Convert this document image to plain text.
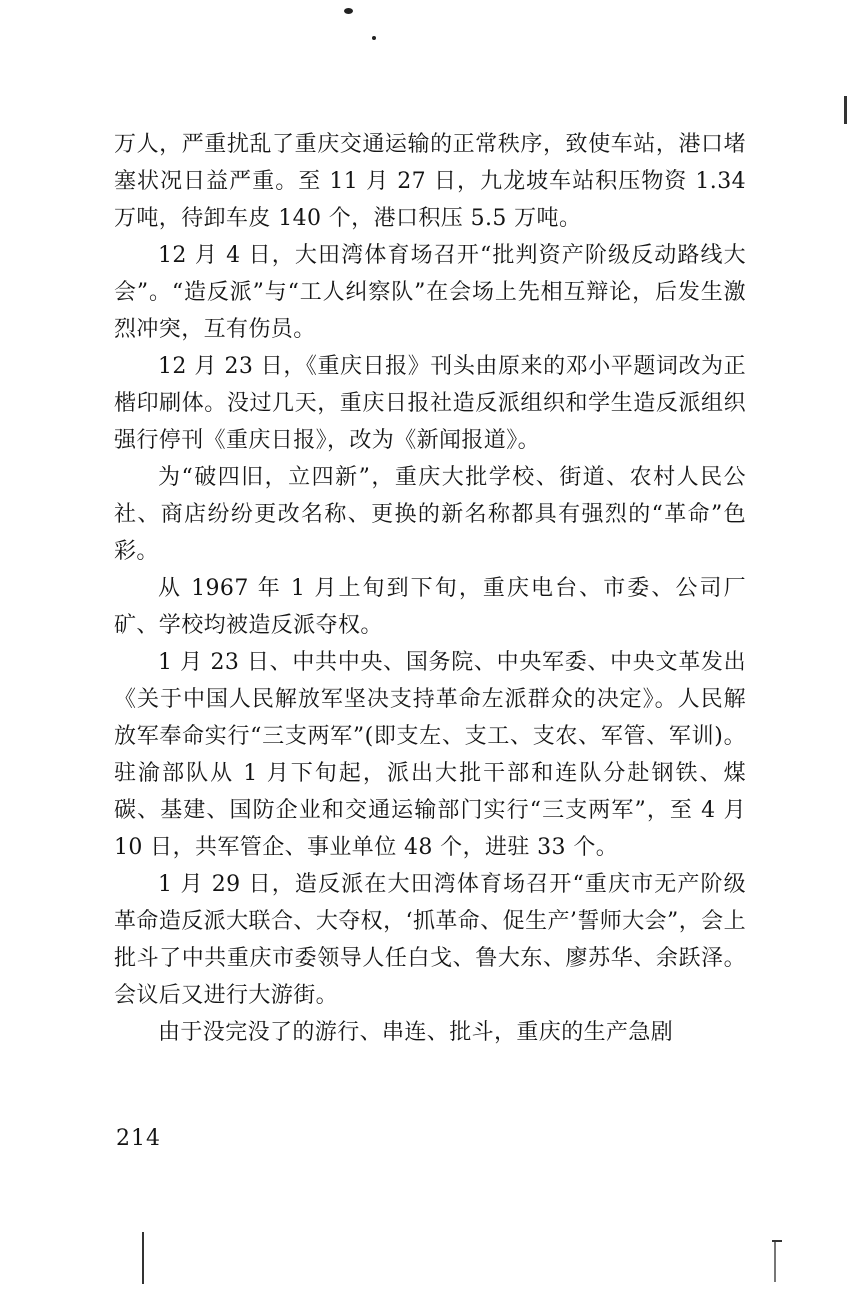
万人，严重扰乱了重庆交通运输的正常秩序，致使车站，港口堵塞状况日益严重。至 11 月 27 日，九龙坡车站积压物资 1.34 万吨，待卸车皮 140 个，港口积压 5.5 万吨。

12 月 4 日，大田湾体育场召开“批判资产阶级反动路线大会”。“造反派”与“工人纠察队”在会场上先相互辩论，后发生激烈冲突，互有伤员。

12 月 23 日，《重庆日报》刊头由原来的邓小平题词改为正楷印刷体。没过几天，重庆日报社造反派组织和学生造反派组织强行停刊《重庆日报》，改为《新闻报道》。

为“破四旧，立四新”，重庆大批学校、街道、农村人民公社、商店纷纷更改名称、更换的新名称都具有强烈的“革命”色彩。

从 1967 年 1 月上旬到下旬，重庆电台、市委、公司厂矿、学校均被造反派夺权。

1 月 23 日、中共中央、国务院、中央军委、中央文革发出《关于中国人民解放军坚决支持革命左派群众的决定》。人民解放军奉命实行“三支两军”(即支左、支工、支农、军管、军训)。驻渝部队从 1 月下旬起，派出大批干部和连队分赴钢铁、煤碳、基建、国防企业和交通运输部门实行“三支两军”，至 4 月 10 日，共军管企、事业单位 48 个，进驻 33 个。

1 月 29 日，造反派在大田湾体育场召开“重庆市无产阶级革命造反派大联合、大夺权，‘抓革命、促生产’誓师大会”，会上批斗了中共重庆市委领导人任白戈、鲁大东、廖苏华、余跃泽。会议后又进行大游街。

由于没完没了的游行、串连、批斗，重庆的生产急剧

214
